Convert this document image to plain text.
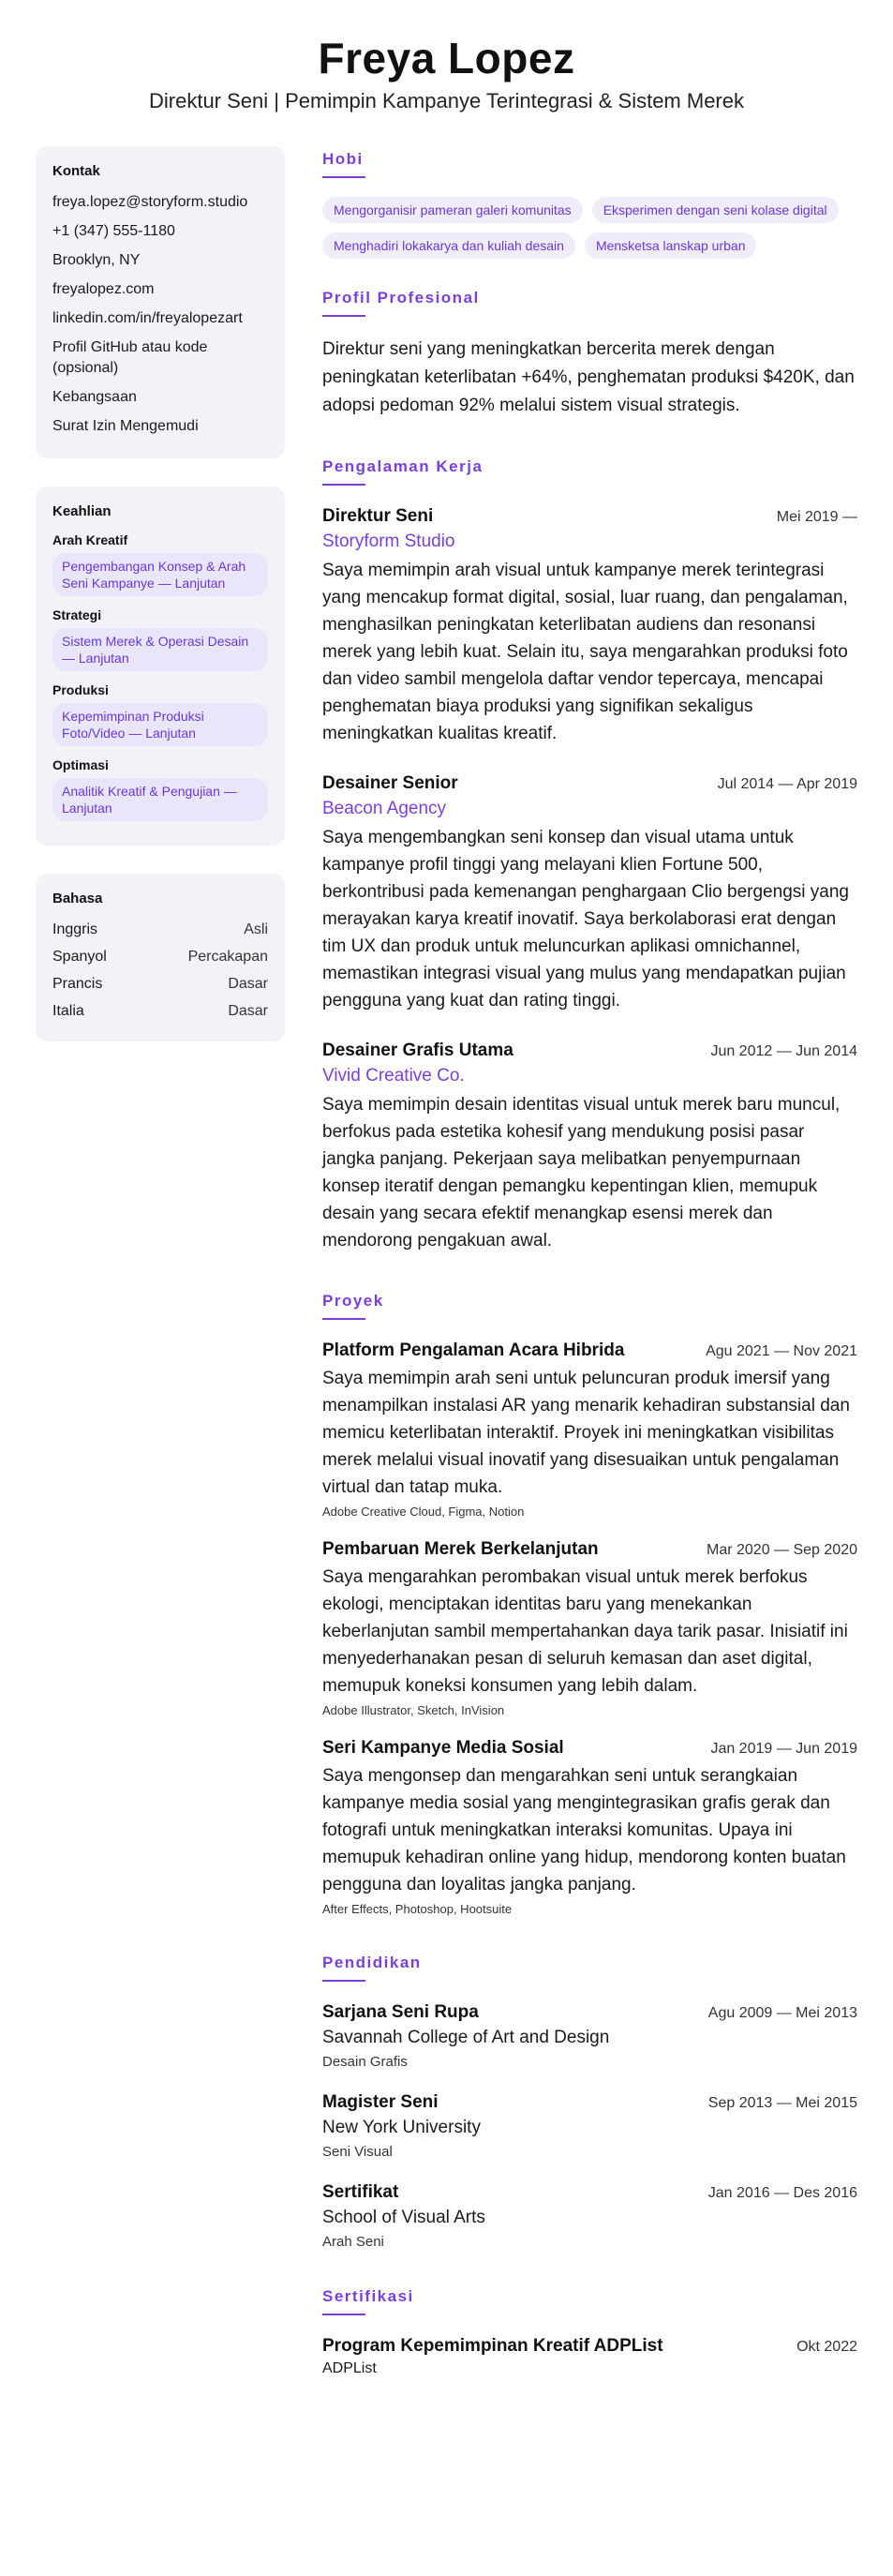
Freya Lopez
Direktur Seni | Pemimpin Kampanye Terintegrasi & Sistem Merek
Kontak
freya.lopez@storyform.studio
+1 (347) 555-1180
Brooklyn, NY
freyalopez.com
linkedin.com/in/freyalopezart
Profil GitHub atau kode (opsional)
Kebangsaan
Surat Izin Mengemudi
Keahlian
Arah Kreatif
Pengembangan Konsep & Arah Seni Kampanye — Lanjutan
Strategi
Sistem Merek & Operasi Desain — Lanjutan
Produksi
Kepemimpinan Produksi Foto/Video — Lanjutan
Optimasi
Analitik Kreatif & Pengujian — Lanjutan
Bahasa
Inggris	Asli
Spanyol	Percakapan
Prancis	Dasar
Italia	Dasar
Hobi
Mengorganisir pameran galeri komunitas	Eksperimen dengan seni kolase digital
Menghadiri lokakarya dan kuliah desain	Mensketsa lanskap urban
Profil Profesional
Direktur seni yang meningkatkan bercerita merek dengan peningkatan keterlibatan +64%, penghematan produksi $420K, dan adopsi pedoman 92% melalui sistem visual strategis.
Pengalaman Kerja
Direktur Seni	Mei 2019 —
Storyform Studio
Saya memimpin arah visual untuk kampanye merek terintegrasi yang mencakup format digital, sosial, luar ruang, dan pengalaman, menghasilkan peningkatan keterlibatan audiens dan resonansi merek yang lebih kuat. Selain itu, saya mengarahkan produksi foto dan video sambil mengelola daftar vendor tepercaya, mencapai penghematan biaya produksi yang signifikan sekaligus meningkatkan kualitas kreatif.
Desainer Senior	Jul 2014 — Apr 2019
Beacon Agency
Saya mengembangkan seni konsep dan visual utama untuk kampanye profil tinggi yang melayani klien Fortune 500, berkontribusi pada kemenangan penghargaan Clio bergengsi yang merayakan karya kreatif inovatif. Saya berkolaborasi erat dengan tim UX dan produk untuk meluncurkan aplikasi omnichannel, memastikan integrasi visual yang mulus yang mendapatkan pujian pengguna yang kuat dan rating tinggi.
Desainer Grafis Utama	Jun 2012 — Jun 2014
Vivid Creative Co.
Saya memimpin desain identitas visual untuk merek baru muncul, berfokus pada estetika kohesif yang mendukung posisi pasar jangka panjang. Pekerjaan saya melibatkan penyempurnaan konsep iteratif dengan pemangku kepentingan klien, memupuk desain yang secara efektif menangkap esensi merek dan mendorong pengakuan awal.
Proyek
Platform Pengalaman Acara Hibrida	Agu 2021 — Nov 2021
Saya memimpin arah seni untuk peluncuran produk imersif yang menampilkan instalasi AR yang menarik kehadiran substansial dan memicu keterlibatan interaktif. Proyek ini meningkatkan visibilitas merek melalui visual inovatif yang disesuaikan untuk pengalaman virtual dan tatap muka.
Adobe Creative Cloud, Figma, Notion
Pembaruan Merek Berkelanjutan	Mar 2020 — Sep 2020
Saya mengarahkan perombakan visual untuk merek berfokus ekologi, menciptakan identitas baru yang menekankan keberlanjutan sambil mempertahankan daya tarik pasar. Inisiatif ini menyederhanakan pesan di seluruh kemasan dan aset digital, memupuk koneksi konsumen yang lebih dalam.
Adobe Illustrator, Sketch, InVision
Seri Kampanye Media Sosial	Jan 2019 — Jun 2019
Saya mengonsep dan mengarahkan seni untuk serangkaian kampanye media sosial yang mengintegrasikan grafis gerak dan fotografi untuk meningkatkan interaksi komunitas. Upaya ini memupuk kehadiran online yang hidup, mendorong konten buatan pengguna dan loyalitas jangka panjang.
After Effects, Photoshop, Hootsuite
Pendidikan
Sarjana Seni Rupa	Agu 2009 — Mei 2013
Savannah College of Art and Design
Desain Grafis
Magister Seni	Sep 2013 — Mei 2015
New York University
Seni Visual
Sertifikat	Jan 2016 — Des 2016
School of Visual Arts
Arah Seni
Sertifikasi
Program Kepemimpinan Kreatif ADPList	Okt 2022
ADPList
